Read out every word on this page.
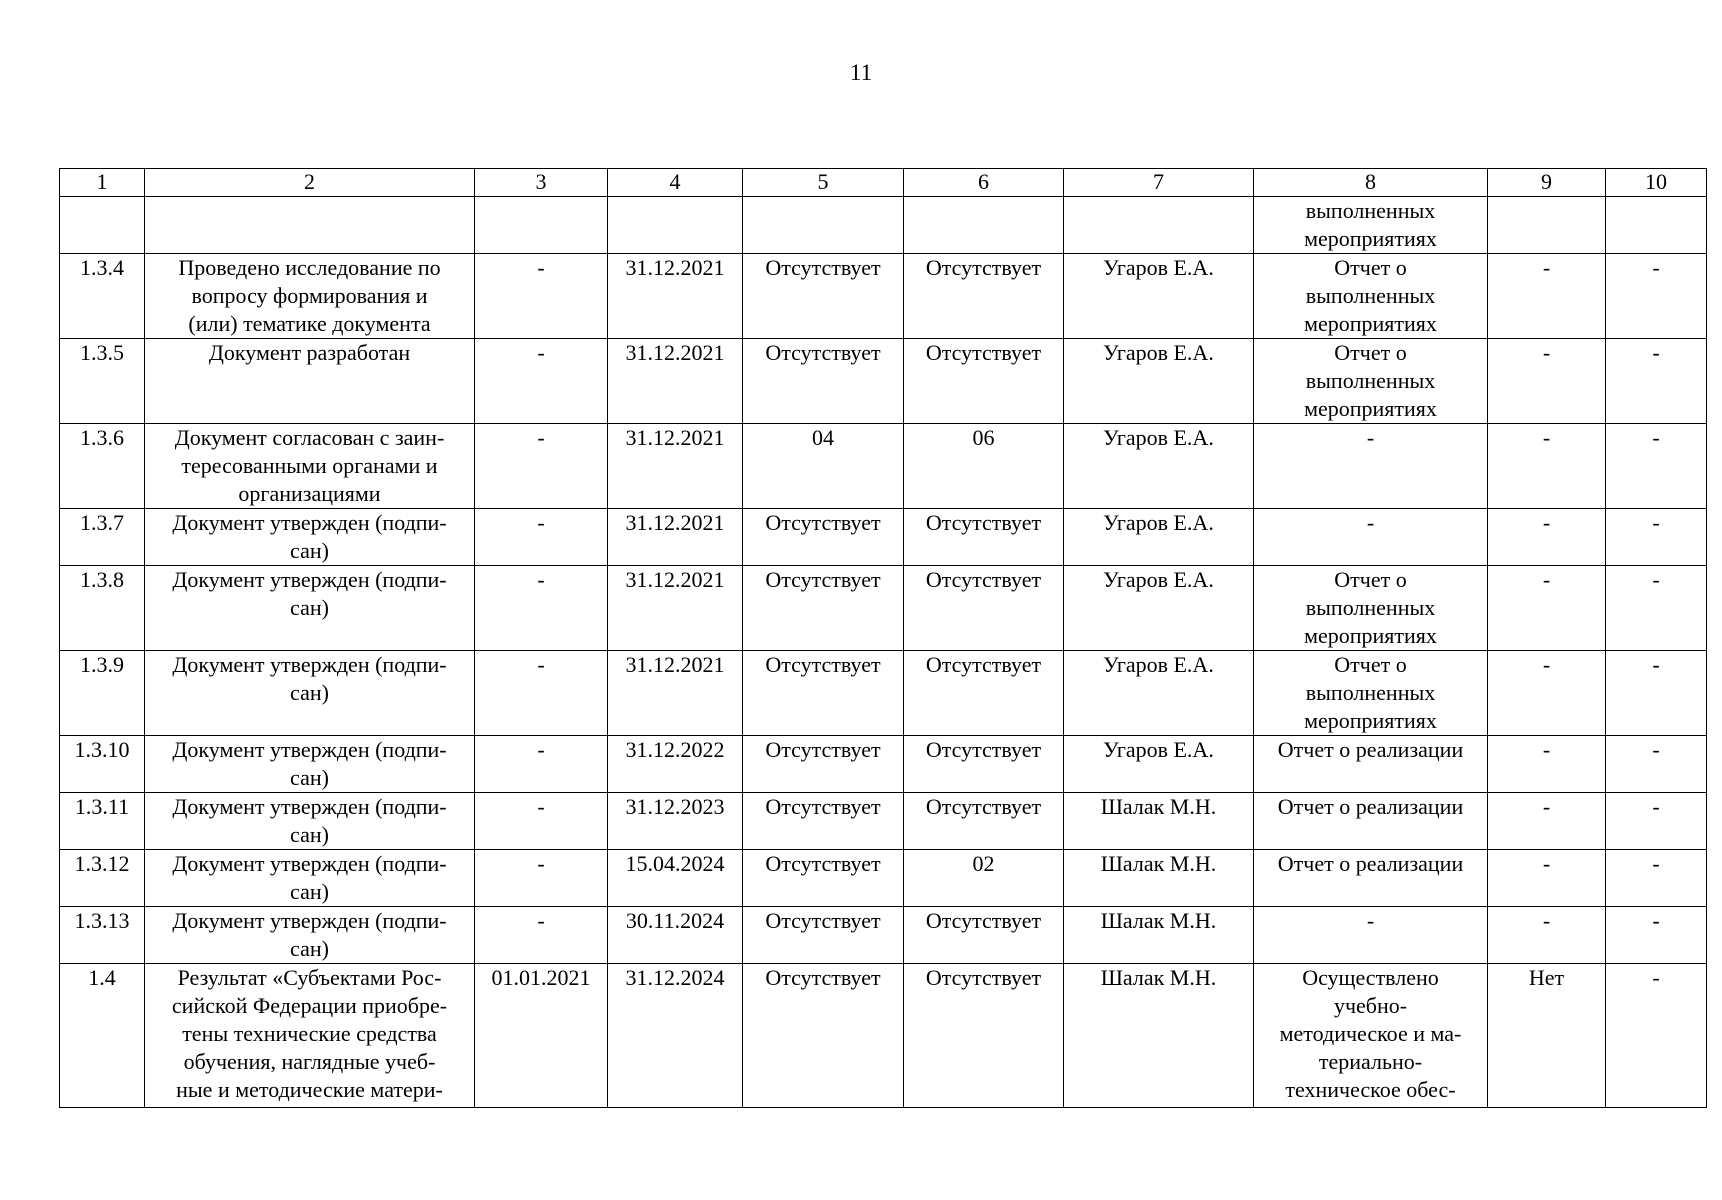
11
1	2	3	4	5	6	7	8	9	10
							выполненных
мероприятиях		
1.3.4	Проведено исследование по
вопросу формирования и
(или) тематике документа	-	31.12.2021	Отсутствует	Отсутствует	Угаров Е.А.	Отчет о
выполненных
мероприятиях	-	-
1.3.5	Документ разработан	-	31.12.2021	Отсутствует	Отсутствует	Угаров Е.А.	Отчет о
выполненных
мероприятиях	-	-
1.3.6	Документ согласован с заин-
тересованными органами и
организациями	-	31.12.2021	04	06	Угаров Е.А.	-	-	-
1.3.7	Документ утвержден (подпи-
сан)	-	31.12.2021	Отсутствует	Отсутствует	Угаров Е.А.	-	-	-
1.3.8	Документ утвержден (подпи-
сан)	-	31.12.2021	Отсутствует	Отсутствует	Угаров Е.А.	Отчет о
выполненных
мероприятиях	-	-
1.3.9	Документ утвержден (подпи-
сан)	-	31.12.2021	Отсутствует	Отсутствует	Угаров Е.А.	Отчет о
выполненных
мероприятиях	-	-
1.3.10	Документ утвержден (подпи-
сан)	-	31.12.2022	Отсутствует	Отсутствует	Угаров Е.А.	Отчет о реализации	-	-
1.3.11	Документ утвержден (подпи-
сан)	-	31.12.2023	Отсутствует	Отсутствует	Шалак М.Н.	Отчет о реализации	-	-
1.3.12	Документ утвержден (подпи-
сан)	-	15.04.2024	Отсутствует	02	Шалак М.Н.	Отчет о реализации	-	-
1.3.13	Документ утвержден (подпи-
сан)	-	30.11.2024	Отсутствует	Отсутствует	Шалак М.Н.	-	-	-
1.4	Результат «Субъектами Рос-
сийской Федерации приобре-
тены технические средства
обучения, наглядные учеб-
ные и методические матери-	01.01.2021	31.12.2024	Отсутствует	Отсутствует	Шалак М.Н.	Осуществлено
учебно-
методическое и ма-
териально-
техническое обес-	Нет	-
